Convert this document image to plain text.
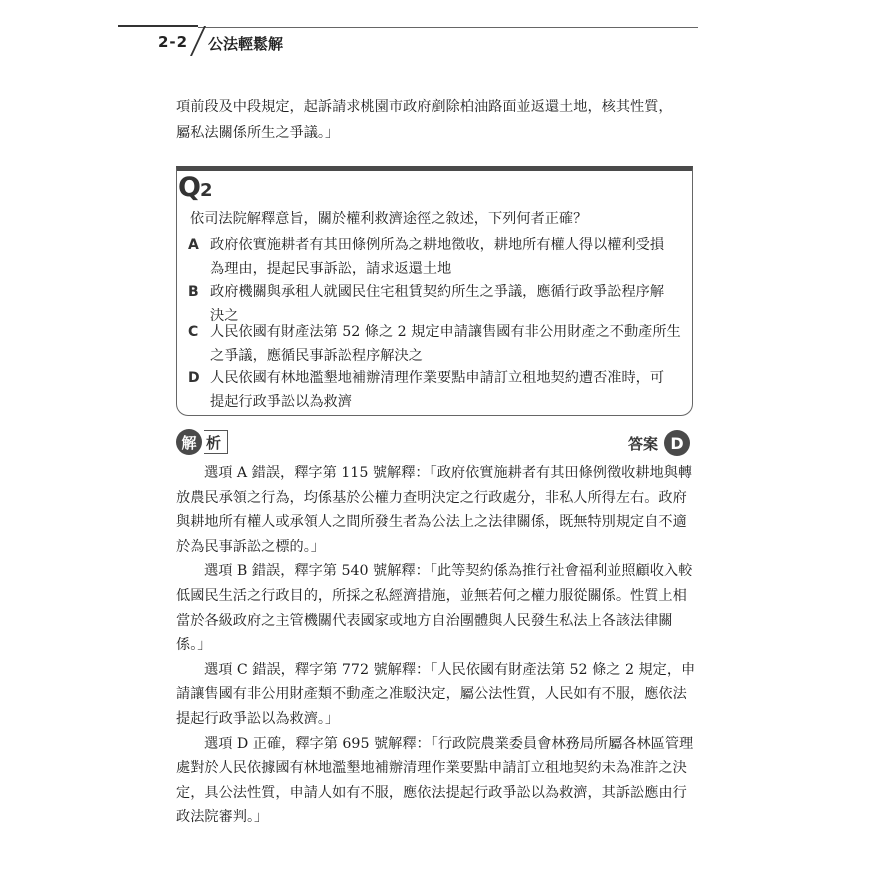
2-2 公法輕鬆解

項前段及中段規定，起訴請求桃園市政府剷除柏油路面並返還土地，核其性質，

屬私法關係所生之爭議。」

Q2
依司法院解釋意旨，關於權利救濟途徑之敘述，下列何者正確？
A 政府依實施耕者有其田條例所為之耕地徵收，耕地所有權人得以權利受損
為理由，提起民事訴訟，請求返還土地
B 政府機關與承租人就國民住宅租賃契約所生之爭議，應循行政爭訟程序解
決之
C 人民依國有財產法第 52 條之 2 規定申請讓售國有非公用財產之不動產所生
之爭議，應循民事訴訟程序解決之
D 人民依國有林地濫墾地補辦清理作業要點申請訂立租地契約遭否准時，可
提起行政爭訟以為救濟
解 析	答案 D

選項 A 錯誤，釋字第 115 號解釋：「政府依實施耕者有其田條例徵收耕地與轉放農民承領之行為，均係基於公權力查明決定之行政處分，非私人所得左右。政府與耕地所有權人或承領人之間所發生者為公法上之法律關係，既無特別規定自不適於為民事訴訟之標的。」

選項 B 錯誤，釋字第 540 號解釋：「此等契約係為推行社會福利並照顧收入較低國民生活之行政目的，所採之私經濟措施，並無若何之權力服從關係。性質上相當於各級政府之主管機關代表國家或地方自治團體與人民發生私法上各該法律關係。」

選項 C 錯誤，釋字第 772 號解釋：「人民依國有財產法第 52 條之 2 規定，申請讓售國有非公用財產類不動產之准駁決定，屬公法性質，人民如有不服，應依法提起行政爭訟以為救濟。」

選項 D 正確，釋字第 695 號解釋：「行政院農業委員會林務局所屬各林區管理處對於人民依據國有林地濫墾地補辦清理作業要點申請訂立租地契約未為准許之決定，具公法性質，申請人如有不服，應依法提起行政爭訟以為救濟，其訴訟應由行政法院審判。」
